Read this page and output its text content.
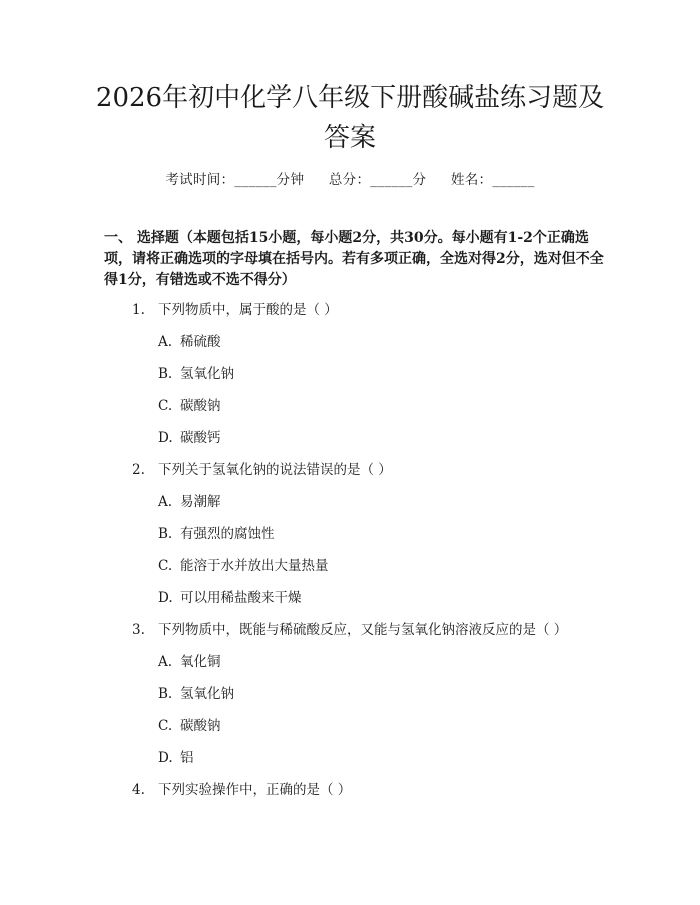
2026年初中化学八年级下册酸碱盐练习题及答案
考试时间：______分钟 总分：______分 姓名：______
一、 选择题（本题包括15小题，每小题2分，共30分。每小题有1-2个正确选项，请将正确选项的字母填在括号内。若有多项正确，全选对得2分，选对但不全得1分，有错选或不选不得分）
1. 下列物质中，属于酸的是（ ）
A. 稀硫酸
B. 氢氧化钠
C. 碳酸钠
D. 碳酸钙
2. 下列关于氢氧化钠的说法错误的是（ ）
A. 易潮解
B. 有强烈的腐蚀性
C. 能溶于水并放出大量热量
D. 可以用稀盐酸来干燥
3. 下列物质中，既能与稀硫酸反应，又能与氢氧化钠溶液反应的是（ ）
A. 氧化铜
B. 氢氧化钠
C. 碳酸钠
D. 铝
4. 下列实验操作中，正确的是（ ）
